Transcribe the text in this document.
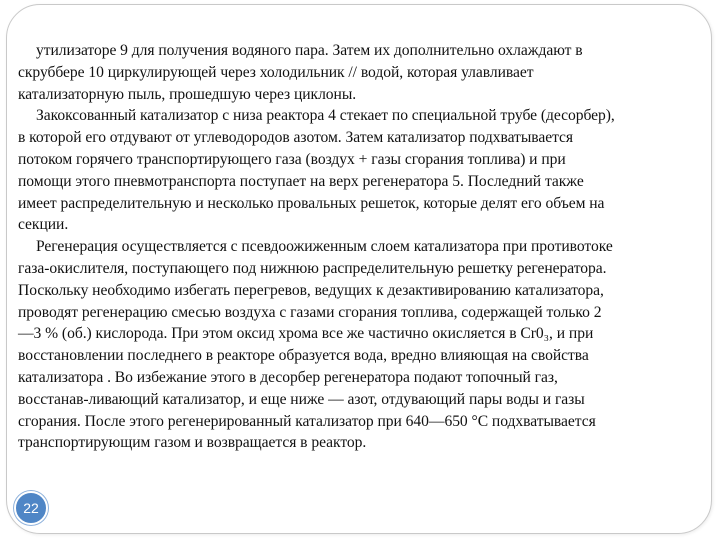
утилизаторе 9 для получения водяного пара. Затем их дополнительно охлаждают в
скруббере 10 циркулирующей через холодильник // водой, которая улавливает
катализаторную пыль, прошедшую через циклоны.
Закоксованный катализатор с низа реактора 4 стекает по специальной трубе (десорбер),
в которой его отдувают от углеводородов азотом. Затем катализатор подхватывается
потоком горячего транспортирующего газа (воздух + газы сгорания топлива) и при
помощи этого пневмотранспорта поступает на верх регенератора 5. Последний также
имеет распределительную и несколько провальных решеток, которые делят его объем на
секции.
Регенерация осуществляется с псевдоожиженным слоем катализатора при противотоке
газа-окислителя, поступающего под нижнюю распределительную решетку регенератора.
Поскольку необходимо избегать перегревов, ведущих к дезактивированию катализатора,
проводят регенерацию смесью воздуха с газами сгорания топлива, содержащей только 2
—3 % (об.) кислорода. При этом оксид хрома все же частично окисляется в Сr0₃, и при
восстановлении последнего в реакторе образуется вода, вредно влияющая на свойства
катализатора . Во избежание этого в десорбер регенератора подают топочный газ,
восстанав-ливающий катализатор, и еще ниже — азот, отдувающий пары воды и газы
сгорания. После этого регенерированный катализатор при 640—650 °С подхватывается
транспортирующим газом и возвращается в реактор.
22
